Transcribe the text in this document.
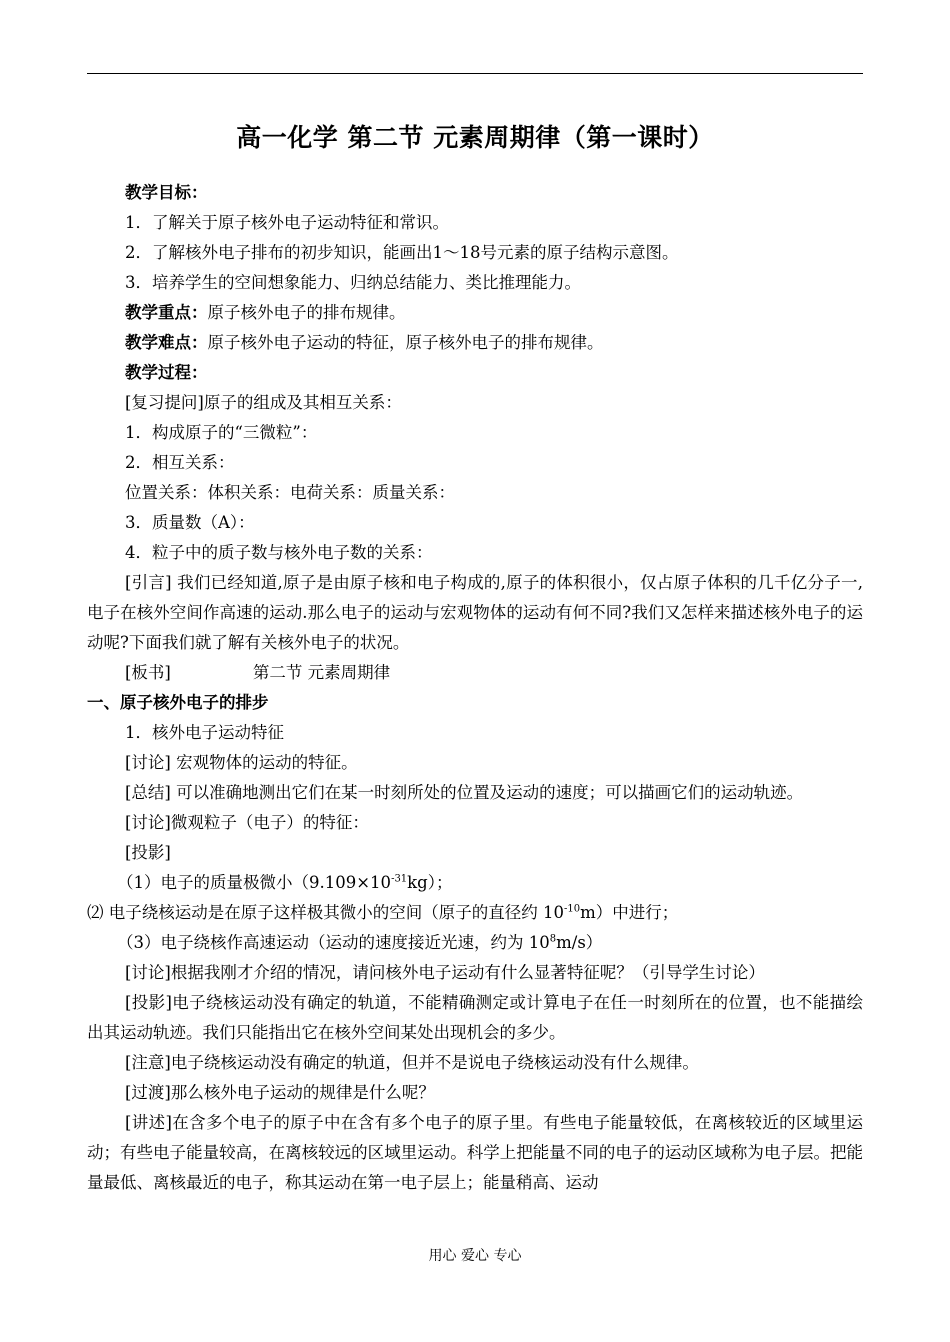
高一化学 第二节 元素周期律（第一课时）

教学目标：

1．了解关于原子核外电子运动特征和常识。

2．了解核外电子排布的初步知识，能画出1～18号元素的原子结构示意图。

3．培养学生的空间想象能力、归纳总结能力、类比推理能力。

教学重点：原子核外电子的排布规律。

教学难点：原子核外电子运动的特征，原子核外电子的排布规律。

教学过程：

[复习提问]原子的组成及其相互关系：

1．构成原子的“三微粒”：

2．相互关系：

位置关系：体积关系：电荷关系：质量关系：

3．质量数（A）：

4．粒子中的质子数与核外电子数的关系：

[引言] 我们已经知道,原子是由原子核和电子构成的,原子的体积很小，仅占原子体积的几千亿分子一,电子在核外空间作高速的运动.那么电子的运动与宏观物体的运动有何不同?我们又怎样来描述核外电子的运动呢?下面我们就了解有关核外电子的状况。

[板书]	第二节 元素周期律

一、原子核外电子的排步

1．核外电子运动特征

[讨论] 宏观物体的运动的特征。

[总结] 可以准确地测出它们在某一时刻所处的位置及运动的速度；可以描画它们的运动轨迹。

[讨论]微观粒子（电子）的特征：

[投影]

（1）电子的质量极微小$(9.109\times 10^{-31}kg)$；

⑵ 电子绕核运动是在原子这样极其微小的空间（原子的直径约 $10^{-10}m$）中进行；

（3）电子绕核作高速运动（运动的速度接近光速，约为 $10^8m/s$）

[讨论]根据我刚才介绍的情况，请问核外电子运动有什么显著特征呢？（引导学生讨论）

[投影]电子绕核运动没有确定的轨道，不能精确测定或计算电子在任一时刻所在的位置，也不能描绘出其运动轨迹。我们只能指出它在核外空间某处出现机会的多少。

[注意]电子绕核运动没有确定的轨道，但并不是说电子绕核运动没有什么规律。

[过渡]那么核外电子运动的规律是什么呢？

[讲述]在含多个电子的原子中在含有多个电子的原子里。有些电子能量较低，在离核较近的区域里运动；有些电子能量较高，在离核较远的区域里运动。科学上把能量不同的电子的运动区域称为电子层。把能量最低、离核最近的电子，称其运动在第一电子层上；能量稍高、运动

用心 爱心 专心
